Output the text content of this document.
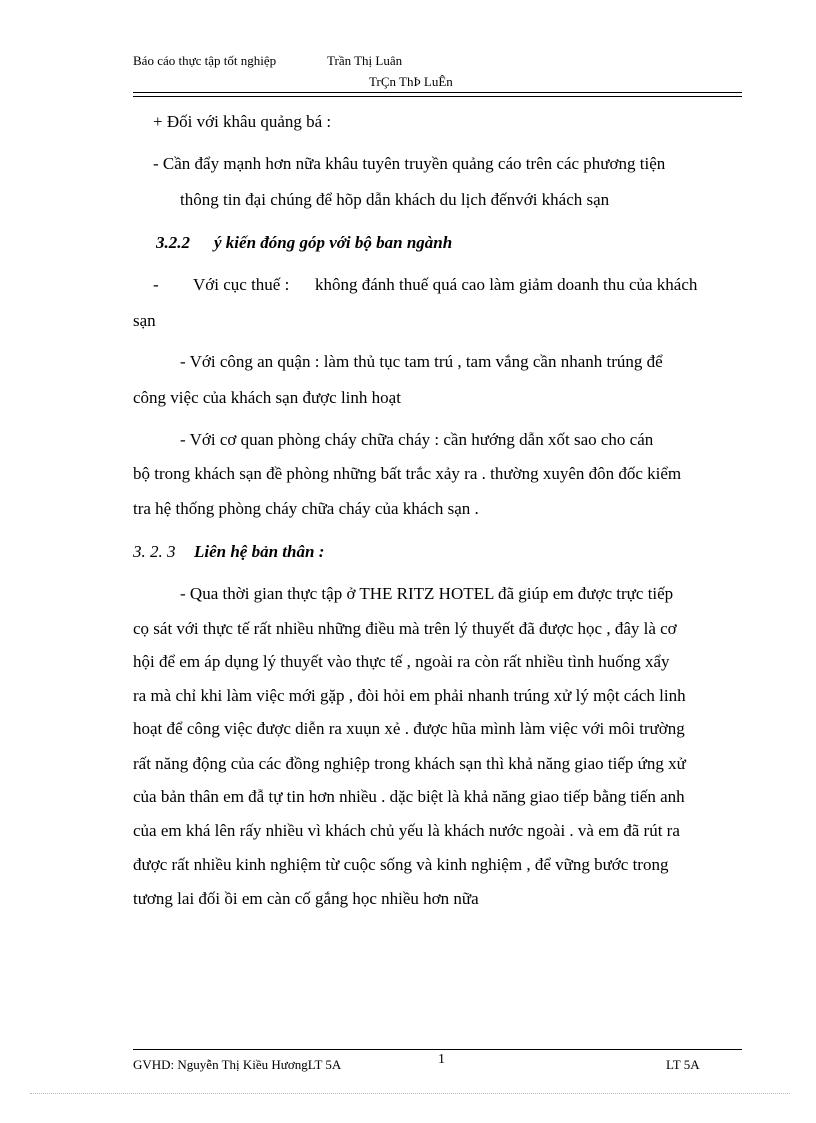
Báo cáo thực tập tốt nghiệp	Trần Thị Luân
TrÇn ThÞ LuÊn
+ Đối với khâu quảng bá :
- Cần đẩy mạnh hơn nữa khâu tuyên truyền quảng cáo trên các phương tiện
thông tin đại chúng để hõp dẫn khách du lịch đếnvới khách sạn
3.2.2 ý kiến đóng góp với bộ ban ngành
- Với cục thuế : không đánh thuế quá cao làm giảm doanh thu của khách
sạn
- Với công an quận : làm thủ tục tam trú , tam vắng cần nhanh trúng để
công việc của khách sạn được linh hoạt
- Với cơ quan phòng cháy chữa cháy : cần hướng dẫn xốt sao cho cán
bộ trong khách sạn đề phòng những bất trắc xảy ra . thường xuyên đôn đốc kiểm
tra hệ thống phòng cháy chữa cháy của khách sạn .
3. 2. 3 Liên hệ bản thân :
- Qua thời gian thực tập ở THE RITZ HOTEL đã giúp em được trực tiếp
cọ sát với thực tế rất nhiều những điều mà trên lý thuyết đã được học , đây là cơ
hội để em áp dụng lý thuyết vào thực tế , ngoài ra còn rất nhiều tình huống xẩy
ra mà chỉ khi làm việc mới gặp , đòi hỏi em phải nhanh trúng xử lý một cách linh
hoạt để công việc được diễn ra xuụn xẻ . được hũa mình làm việc với môi trường
rất năng động của các đồng nghiệp trong khách sạn thì khả năng giao tiếp ứng xử
của bản thân em đẫ tự tin hơn nhiều . dặc biệt là khả năng giao tiếp bằng tiến anh
của em khá lên rấy nhiều vì khách chủ yếu là khách nước ngoài . và em đã rút ra
được rất nhiều kinh nghiệm từ cuộc sống và kinh nghiệm , để vững bước trong
tương lai đối ồi em càn cố gắng học nhiều hơn nữa
GVHD: Nguyễn Thị Kiều HươngLT 5A	1	LT 5A
